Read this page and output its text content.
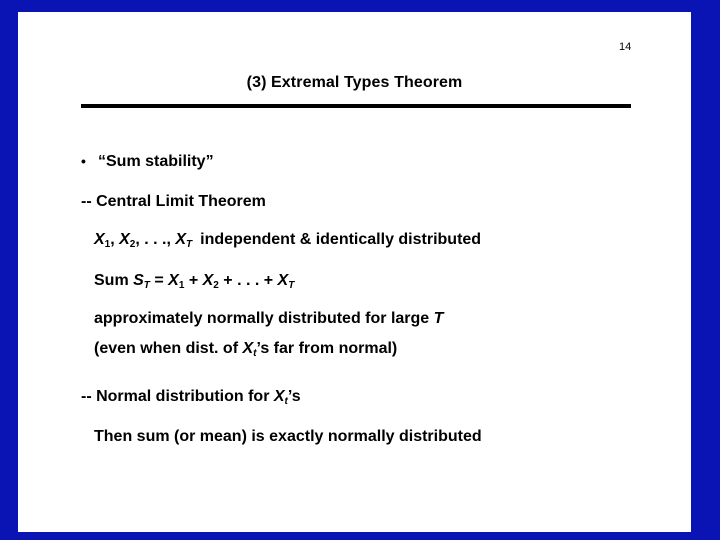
14
(3) Extremal Types Theorem
• “Sum stability”
-- Central Limit Theorem
$X_1$, $X_2$, . . ., $X_T$ independent & identically distributed
Sum $S_T = X_1 + X_2$ + . . . + $X_T$
approximately normally distributed for large T
(even when dist. of $X_t’s$ far from normal)
-- Normal distribution for $X_t’s$
Then sum (or mean) is exactly normally distributed
